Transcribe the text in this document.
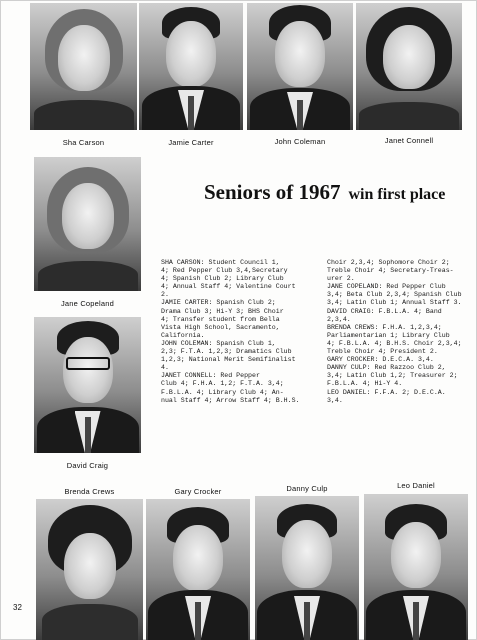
Sha Carson	Jamie Carter	John Coleman	Janet Connell
Jane Copeland
David Craig
Seniors of 1967 win first place
SHA CARSON: Student Council 1,
4; Red Pepper Club 3,4,Secretary
4; Spanish Club 2; Library Club
4; Annual Staff 4; Valentine Court
2.
JAMIE CARTER: Spanish Club 2;
Drama Club 3; Hi-Y 3; BHS Choir
4; Transfer student from Bella
Vista High School, Sacramento,
California.
JOHN COLEMAN: Spanish Club 1,
2,3; F.T.A. 1,2,3; Dramatics Club
1,2,3; National Merit Semifinalist
4.
JANET CONNELL: Red Pepper
Club 4; F.H.A. 1,2; F.T.A. 3,4;
F.B.L.A. 4; Library Club 4; An-
nual Staff 4; Arrow Staff 4; B.H.S.
Choir 2,3,4; Sophomore Choir 2;
Treble Choir 4; Secretary-Treas-
urer 2.
JANE COPELAND: Red Pepper Club
3,4; Beta Club 2,3,4; Spanish Club
3,4; Latin Club 1; Annual Staff 3.
DAVID CRAIG: F.B.L.A. 4; Band
2,3,4.
BRENDA CREWS: F.H.A. 1,2,3,4;
Parliamentarian 1; Library Club
4; F.B.L.A. 4; B.H.S. Choir 2,3,4;
Treble Choir 4; President 2.
GARY CROCKER: D.E.C.A. 3,4.
DANNY CULP: Red Razzoo Club 2,
3,4; Latin Club 1,2; Treasurer 2;
F.B.L.A. 4; Hi-Y 4.
LEO DANIEL: F.F.A. 2; D.E.C.A.
3,4.
Brenda Crews	Gary Crocker	Danny Culp	Leo Daniel
32
